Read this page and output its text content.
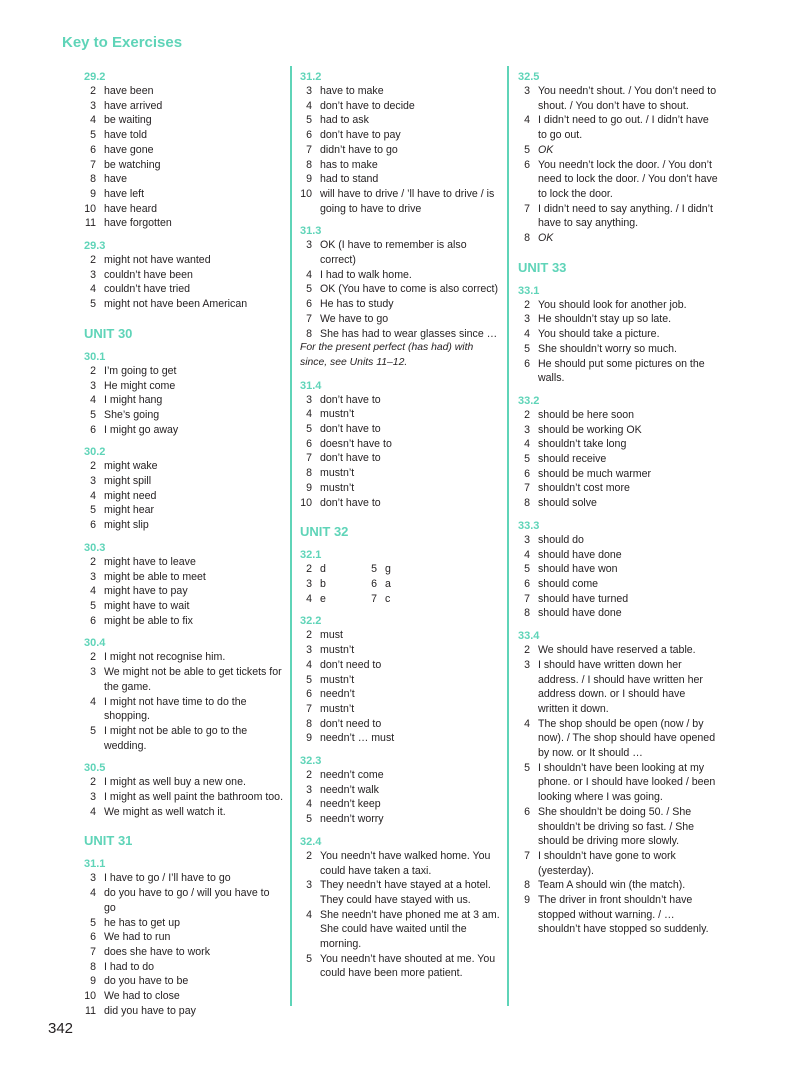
Key to Exercises
29.2
2 have been
3 have arrived
4 be waiting
5 have told
6 have gone
7 be watching
8 have
9 have left
10 have heard
11 have forgotten
29.3
2 might not have wanted
3 couldn’t have been
4 couldn’t have tried
5 might not have been American
UNIT 30
30.1
2 I’m going to get
3 He might come
4 I might hang
5 She’s going
6 I might go away
30.2
2 might wake
3 might spill
4 might need
5 might hear
6 might slip
30.3
2 might have to leave
3 might be able to meet
4 might have to pay
5 might have to wait
6 might be able to fix
30.4
2 I might not recognise him.
3 We might not be able to get tickets for the game.
4 I might not have time to do the shopping.
5 I might not be able to go to the wedding.
30.5
2 I might as well buy a new one.
3 I might as well paint the bathroom too.
4 We might as well watch it.
UNIT 31
31.1
3 I have to go / I’ll have to go
4 do you have to go / will you have to go
5 he has to get up
6 We had to run
7 does she have to work
8 I had to do
9 do you have to be
10 We had to close
11 did you have to pay
31.2
3 have to make
4 don’t have to decide
5 had to ask
6 don’t have to pay
7 didn’t have to go
8 has to make
9 had to stand
10 will have to drive / ’ll have to drive / is going to have to drive
31.3
3 OK (I have to remember is also correct)
4 I had to walk home.
5 OK (You have to come is also correct)
6 He has to study
7 We have to go
8 She has had to wear glasses since …
For the present perfect (has had) with since, see Units 11–12.
31.4
3 don’t have to
4 mustn’t
5 don’t have to
6 doesn’t have to
7 don’t have to
8 mustn’t
9 mustn’t
10 don’t have to
UNIT 32
32.1
2 d	5 g
3 b	6 a
4 e	7 c
32.2
2 must
3 mustn’t
4 don’t need to
5 mustn’t
6 needn’t
7 mustn’t
8 don’t need to
9 needn’t … must
32.3
2 needn’t come
3 needn’t walk
4 needn’t keep
5 needn’t worry
32.4
2 You needn’t have walked home. You could have taken a taxi.
3 They needn’t have stayed at a hotel. They could have stayed with us.
4 She needn’t have phoned me at 3 am. She could have waited until the morning.
5 You needn’t have shouted at me. You could have been more patient.
32.5
3 You needn’t shout. / You don’t need to shout. / You don’t have to shout.
4 I didn’t need to go out. / I didn’t have to go out.
5 OK
6 You needn’t lock the door. / You don’t need to lock the door. / You don’t have to lock the door.
7 I didn’t need to say anything. / I didn’t have to say anything.
8 OK
UNIT 33
33.1
2 You should look for another job.
3 He shouldn’t stay up so late.
4 You should take a picture.
5 She shouldn’t worry so much.
6 He should put some pictures on the walls.
33.2
2 should be here soon
3 should be working OK
4 shouldn’t take long
5 should receive
6 should be much warmer
7 shouldn’t cost more
8 should solve
33.3
3 should do
4 should have done
5 should have won
6 should come
7 should have turned
8 should have done
33.4
2 We should have reserved a table.
3 I should have written down her address. / I should have written her address down. or I should have written it down.
4 The shop should be open (now / by now). / The shop should have opened by now. or It should …
5 I shouldn’t have been looking at my phone. or I should have looked / been looking where I was going.
6 She shouldn’t be doing 50. / She shouldn’t be driving so fast. / She should be driving more slowly.
7 I shouldn’t have gone to work (yesterday).
8 Team A should win (the match).
9 The driver in front shouldn’t have stopped without warning. / … shouldn’t have stopped so suddenly.
342
